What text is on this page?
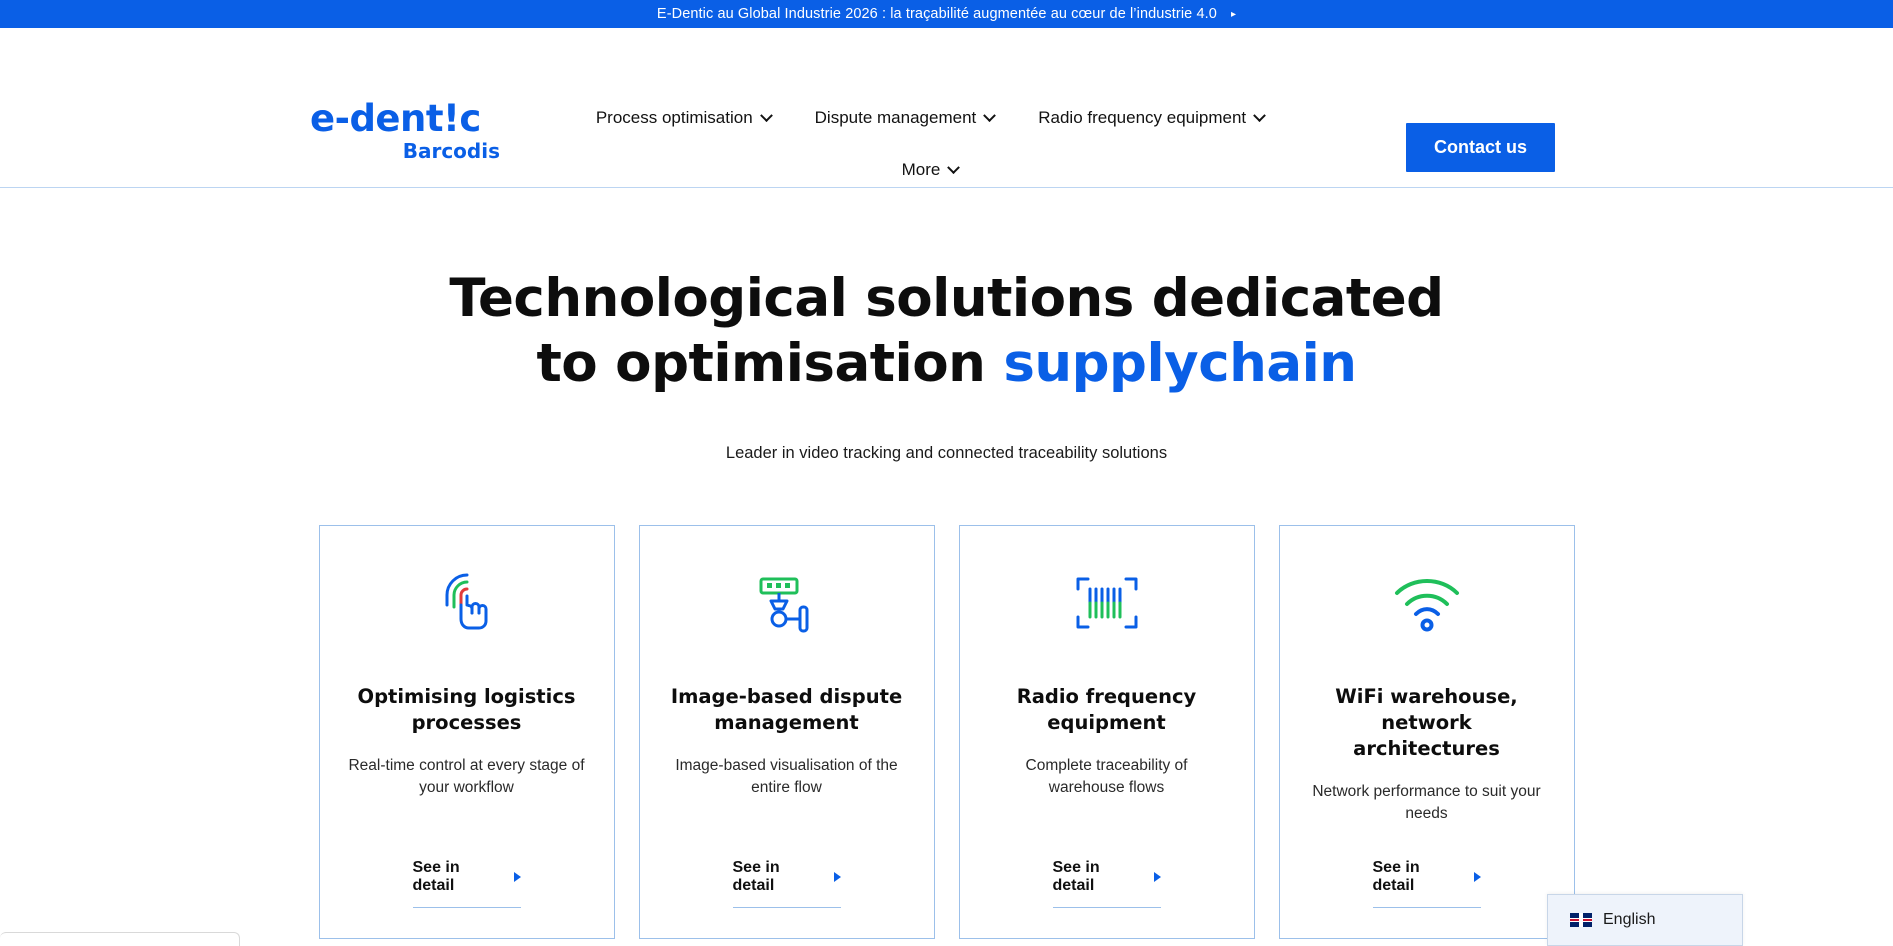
E-Dentic au Global Industrie 2026 : la traçabilité augmentée au cœur de l’industrie 4.0 ▸
e-dent!c
Barcodis
Process optimisation	Dispute management	Radio frequency equipment
More
Contact us
Technological solutions dedicated to optimisation supplychain
Leader in video tracking and connected traceability solutions
Optimising logistics processes

Real-time control at every stage of your workflow

See in detail
Image-based dispute management

Image-based visualisation of the entire flow

See in detail
Radio frequency equipment

Complete traceability of warehouse flows

See in detail
WiFi warehouse, network architectures

Network performance to suit your needs

See in detail
English
